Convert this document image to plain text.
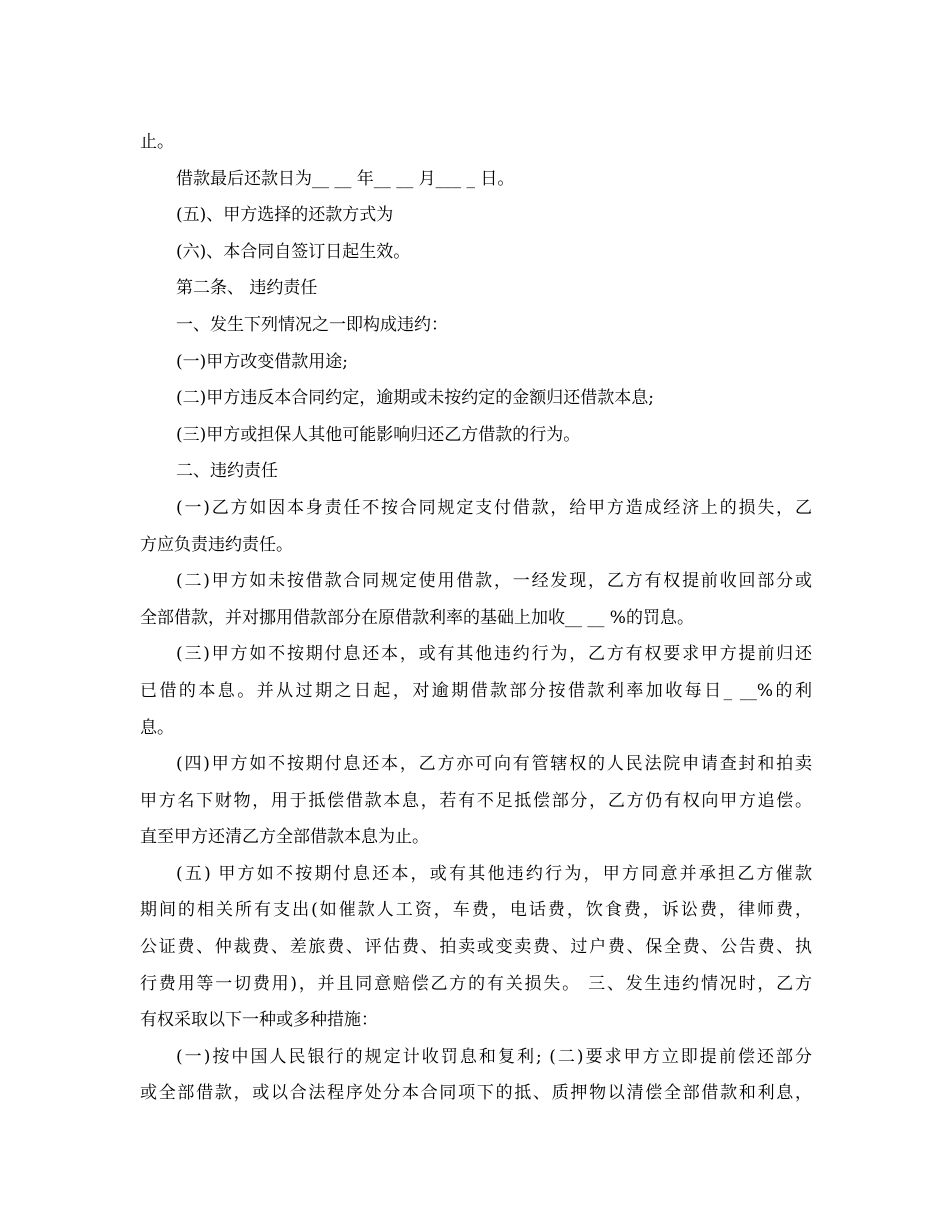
止。
借款最后还款日为__ __ 年__ __ 月___ _ 日。
(五)、甲方选择的还款方式为
(六)、本合同自签订日起生效。
第二条、 违约责任
一、发生下列情况之一即构成违约：
(一)甲方改变借款用途;
(二)甲方违反本合同约定，逾期或未按约定的金额归还借款本息;
(三)甲方或担保人其他可能影响归还乙方借款的行为。
二、违约责任
(一)乙方如因本身责任不按合同规定支付借款，给甲方造成经济上的损失，乙
方应负责违约责任。
(二)甲方如未按借款合同规定使用借款，一经发现，乙方有权提前收回部分或
全部借款，并对挪用借款部分在原借款利率的基础上加收__ __ %的罚息。
(三)甲方如不按期付息还本，或有其他违约行为，乙方有权要求甲方提前归还
已借的本息。并从过期之日起，对逾期借款部分按借款利率加收每日_ __%的利
息。
(四)甲方如不按期付息还本，乙方亦可向有管辖权的人民法院申请查封和拍卖
甲方名下财物，用于抵偿借款本息，若有不足抵偿部分，乙方仍有权向甲方追偿。
直至甲方还清乙方全部借款本息为止。
(五) 甲方如不按期付息还本，或有其他违约行为，甲方同意并承担乙方催款
期间的相关所有支出(如催款人工资，车费，电话费，饮食费，诉讼费，律师费，
公证费、仲裁费、差旅费、评估费、拍卖或变卖费、过户费、保全费、公告费、执
行费用等一切费用)，并且同意赔偿乙方的有关损失。 三、发生违约情况时，乙方
有权采取以下一种或多种措施：
(一)按中国人民银行的规定计收罚息和复利; (二)要求甲方立即提前偿还部分
或全部借款，或以合法程序处分本合同项下的抵、质押物以清偿全部借款和利息，
